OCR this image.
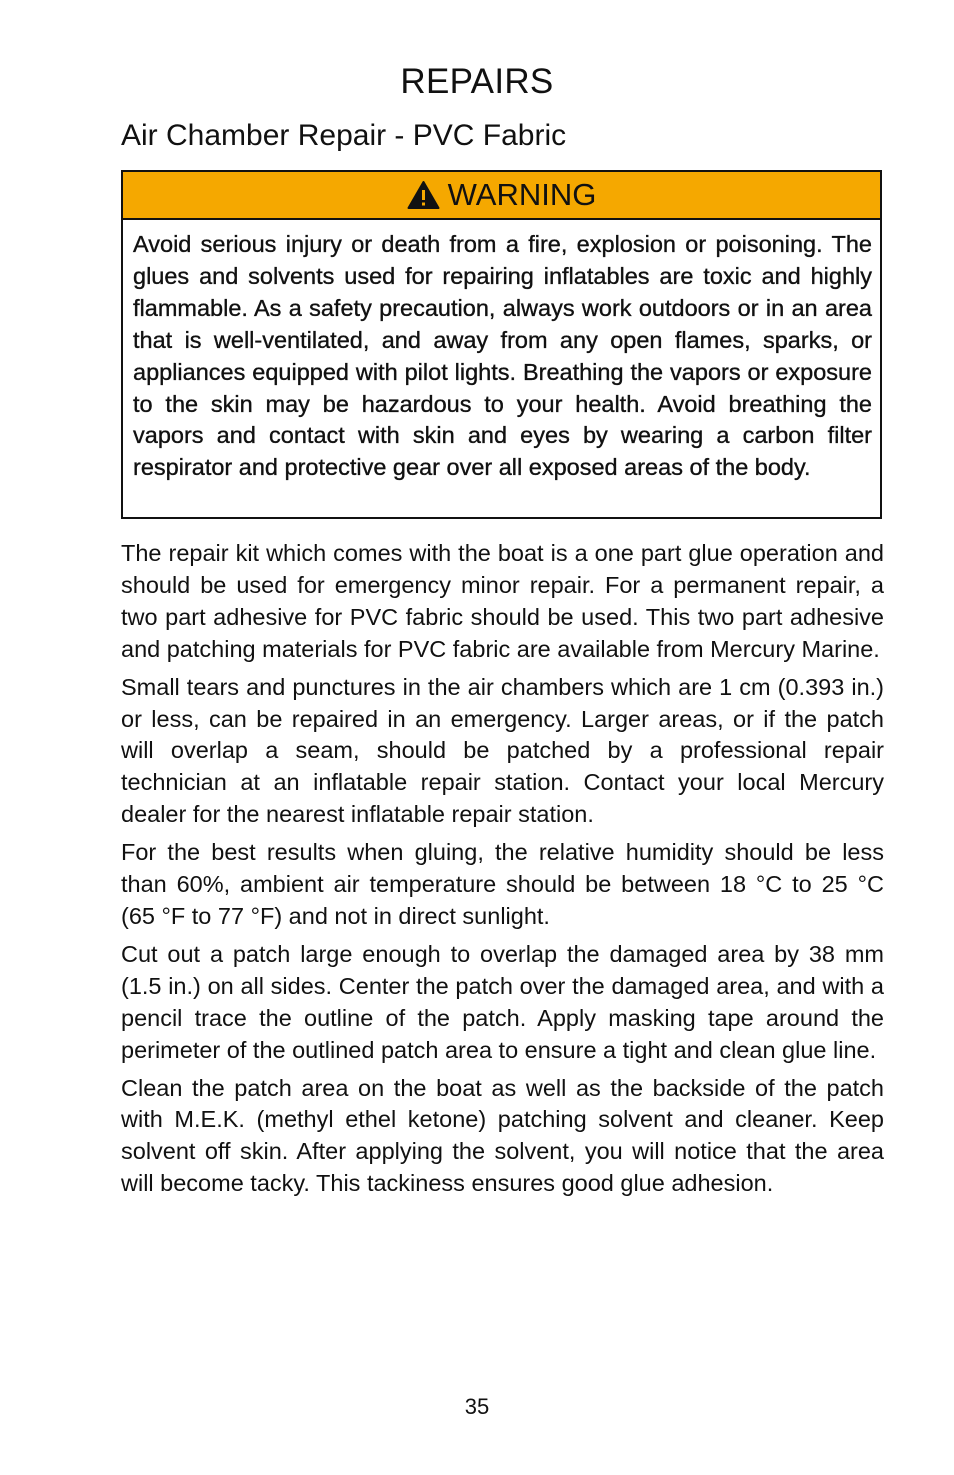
REPAIRS
Air Chamber Repair - PVC Fabric
WARNING
Avoid serious injury or death from a fire, explosion or poisoning. The glues and solvents used for repairing inflatables are toxic and highly flammable. As a safety precaution, always work outdoors or in an area that is well-ventilated, and away from any open flames, sparks, or appliances equipped with pilot lights. Breathing the vapors or exposure to the skin may be hazardous to your health. Avoid breathing the vapors and contact with skin and eyes by wearing a carbon filter respirator and protective gear over all exposed areas of the body.

The repair kit which comes with the boat is a one part glue operation and should be used for emergency minor repair. For a permanent repair, a two part adhesive for PVC fabric should be used. This two part adhesive and patching materials for PVC fabric are available from Mercury Marine.

Small tears and punctures in the air chambers which are 1 cm (0.393 in.) or less, can be repaired in an emergency. Larger areas, or if the patch will overlap a seam, should be patched by a professional repair technician at an inflatable repair station. Contact your local Mercury dealer for the nearest inflatable repair station.

For the best results when gluing, the relative humidity should be less than 60%, ambient air temperature should be between 18 °C to 25 °C (65 °F to 77 °F) and not in direct sunlight.

Cut out a patch large enough to overlap the damaged area by 38 mm (1.5 in.) on all sides. Center the patch over the damaged area, and with a pencil trace the outline of the patch. Apply masking tape around the perimeter of the outlined patch area to ensure a tight and clean glue line.

Clean the patch area on the boat as well as the backside of the patch with M.E.K. (methyl ethel ketone) patching solvent and cleaner. Keep solvent off skin. After applying the solvent, you will notice that the area will become tacky. This tackiness ensures good glue adhesion.

35
